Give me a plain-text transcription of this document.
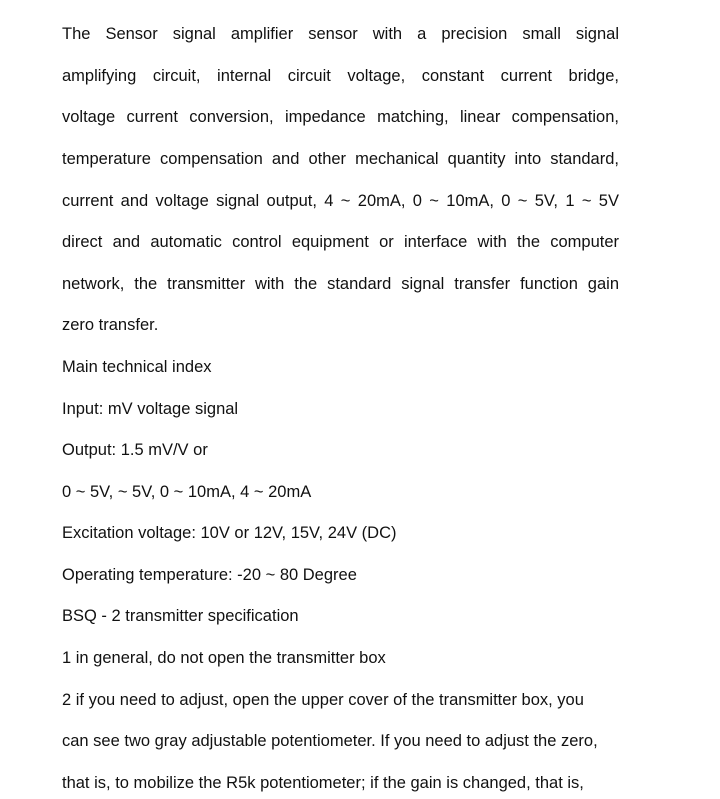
The Sensor signal amplifier sensor with a precision small signal
amplifying circuit, internal circuit voltage, constant current bridge,
voltage current conversion, impedance matching, linear compensation,
temperature compensation and other mechanical quantity into standard,
current and voltage signal output, 4 ~ 20mA, 0 ~ 10mA, 0 ~ 5V, 1 ~ 5V
direct and automatic control equipment or interface with the computer
network, the transmitter with the standard signal transfer function gain
zero transfer.
Main technical index
Input: mV voltage signal
Output: 1.5 mV/V or
0 ~ 5V, ~ 5V, 0 ~ 10mA, 4 ~ 20mA
Excitation voltage: 10V or 12V, 15V, 24V (DC)
Operating temperature: -20 ~ 80 Degree
BSQ - 2 transmitter specification
1 in general, do not open the transmitter box
2 if you need to adjust, open the upper cover of the transmitter box, you
can see two gray adjustable potentiometer. If you need to adjust the zero,
that is, to mobilize the R5k potentiometer; if the gain is changed, that is,
